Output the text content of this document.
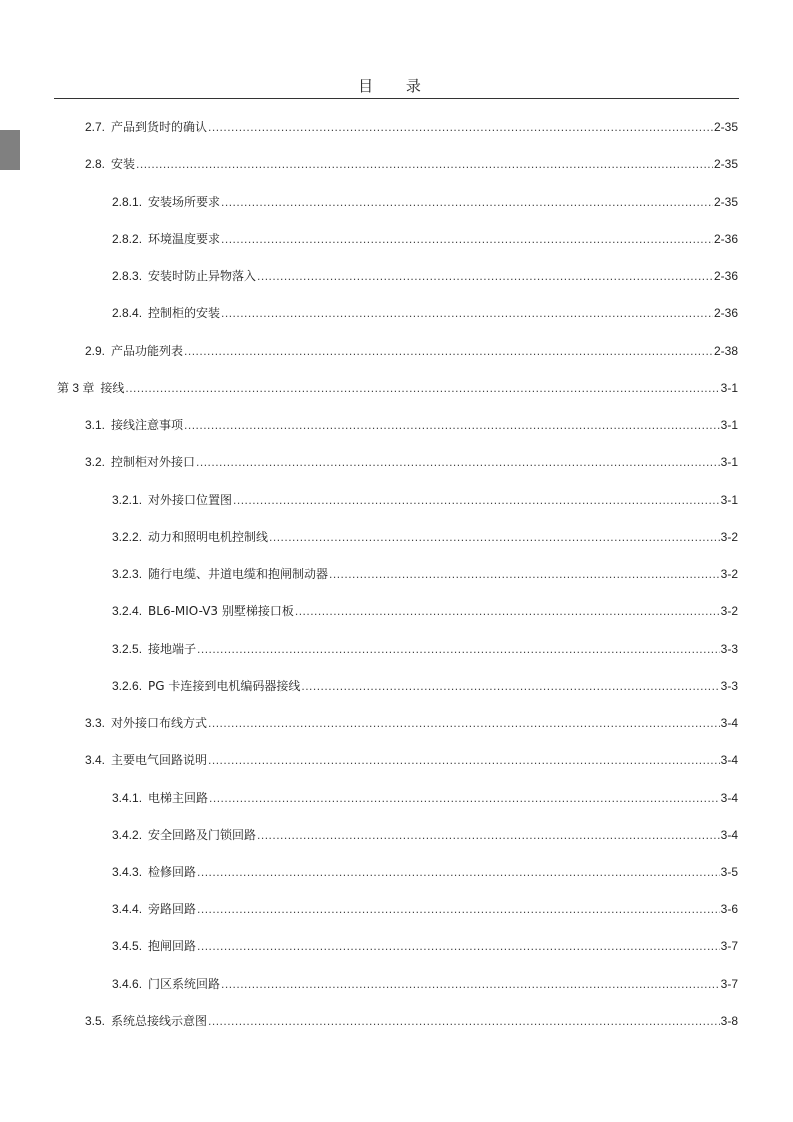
目 录
2.7. 产品到货时的确认 .....	2-35
2.8. 安装 .....	2-35
2.8.1. 安装场所要求 .....	2-35
2.8.2. 环境温度要求 .....	2-36
2.8.3. 安装时防止异物落入 .....	2-36
2.8.4. 控制柜的安装 .....	2-36
2.9. 产品功能列表 .....	2-38
第 3 章 接线 .....	3-1
3.1. 接线注意事项 .....	3-1
3.2. 控制柜对外接口 .....	3-1
3.2.1. 对外接口位置图 .....	3-1
3.2.2. 动力和照明电机控制线 .....	3-2
3.2.3. 随行电缆、井道电缆和抱闸制动器 .....	3-2
3.2.4. BL6-MIO-V3 别墅梯接口板 .....	3-2
3.2.5. 接地端子 .....	3-3
3.2.6. PG 卡连接到电机编码器接线 .....	3-3
3.3. 对外接口布线方式 .....	3-4
3.4. 主要电气回路说明 .....	3-4
3.4.1. 电梯主回路 .....	3-4
3.4.2. 安全回路及门锁回路 .....	3-4
3.4.3. 检修回路 .....	3-5
3.4.4. 旁路回路 .....	3-6
3.4.5. 抱闸回路 .....	3-7
3.4.6. 门区系统回路 .....	3-7
3.5. 系统总接线示意图 .....	3-8
